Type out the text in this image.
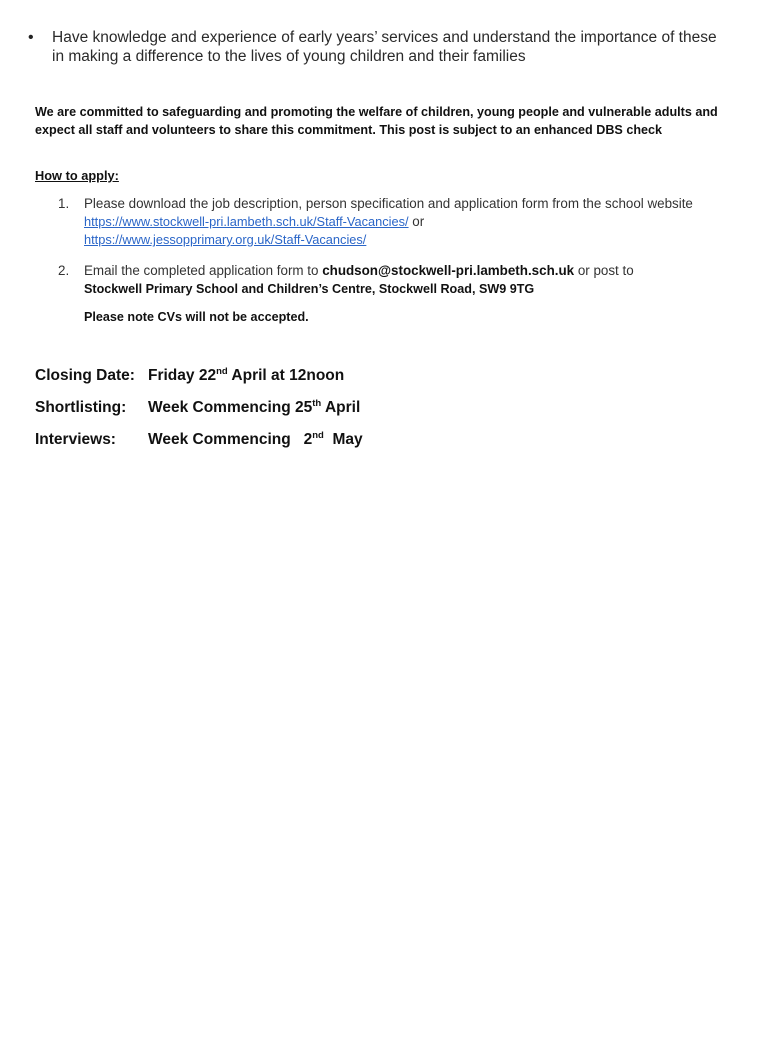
•	Have knowledge and experience of early years’ services and understand the importance of these in making a difference to the lives of young children and their families
We are committed to safeguarding and promoting the welfare of children, young people and vulnerable adults and expect all staff and volunteers to share this commitment. This post is subject to an enhanced DBS check
How to apply:
1.	Please download the job description, person specification and application form from the school website https://www.stockwell-pri.lambeth.sch.uk/Staff-Vacancies/ or
https://www.jessopprimary.org.uk/Staff-Vacancies/
2.	Email the completed application form to chudson@stockwell-pri.lambeth.sch.uk or post to
Stockwell Primary School and Children’s Centre, Stockwell Road, SW9 9TG
Please note CVs will not be accepted.
Closing Date: Friday 22nd April at 12noon
Shortlisting: Week Commencing 25th April
Interviews: Week Commencing   2nd  May
